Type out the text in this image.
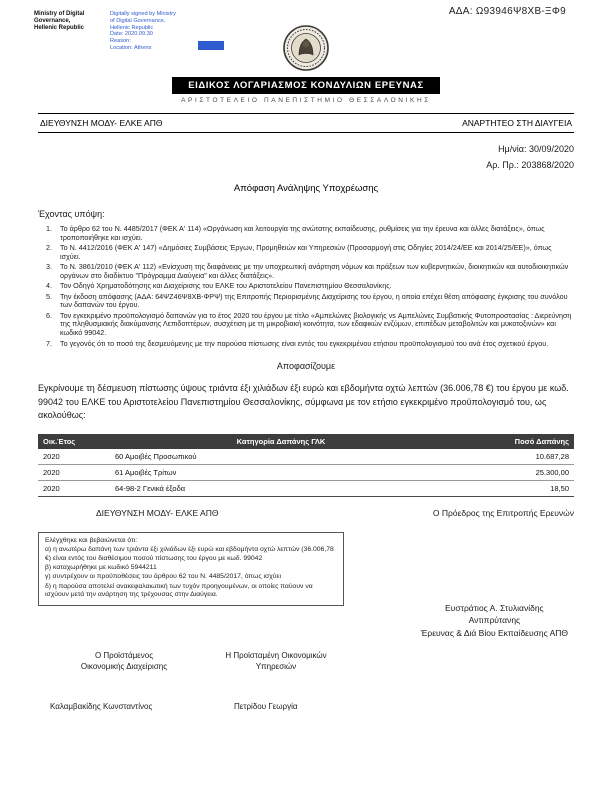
ΑΔΑ: Ω93946Ψ8ΧΒ-ΞΦ9
Ministry of Digital
Governance,
Hellenic Republic
Digitally signed by Ministry
of Digital Governance,
Hellenic Republic
Date: 2020.09.30
Reason:
Location: Athens
ΕΙΔΙΚΟΣ ΛΟΓΑΡΙΑΣΜΟΣ ΚΟΝΔΥΛΙΩΝ ΕΡΕΥΝΑΣ
ΑΡΙΣΤΟΤΕΛΕΙΟ ΠΑΝΕΠΙΣΤΗΜΙΟ ΘΕΣΣΑΛΟΝΙΚΗΣ
ΔΙΕΥΘΥΝΣΗ ΜΟΔΥ- ΕΛΚΕ ΑΠΘ	ΑΝΑΡΤΗΤΕΟ ΣΤΗ ΔΙΑΥΓΕΙΑ
Ημ/νία: 30/09/2020
Αρ. Πρ.: 203868/2020
Απόφαση Ανάληψης Υποχρέωσης
Έχοντας υπόψη:
1.	Το άρθρο 62 του Ν. 4485/2017 (ΦΕΚ Α' 114) «Οργάνωση και λειτουργία της ανώτατης εκπαίδευσης, ρυθμίσεις για την έρευνα και άλλες διατάξεις», όπως τροποποιήθηκε και ισχύει.
2.	Το Ν. 4412/2016 (ΦΕΚ Α' 147) «Δημόσιες Συμβάσεις Έργων, Προμηθειών και Υπηρεσιών (Προσαρμογή στις Οδηγίες 2014/24/ΕΕ και 2014/25/ΕΕ)», όπως ισχύει.
3.	Το Ν. 3861/2010 (ΦΕΚ Α' 112) «Ενίσχυση της διαφάνειας με την υποχρεωτική ανάρτηση νόμων και πράξεων των κυβερνητικών, διοικητικών και αυτοδιοικητικών οργάνων στο διαδίκτυο "Πρόγραμμα Διαύγεια" και άλλες διατάξεις».
4.	Τον Οδηγό Χρηματοδότησης και Διαχείρισης του ΕΛΚΕ του Αριστοτελείου Πανεπιστημίου Θεσσαλονίκης.
5.	Την έκδοση απόφασης (ΑΔΑ: 64ΨΖ46Ψ8ΧΒ-ΦΡΨ) της Επιτροπής Περιορισμένης Διαχείρισης του έργου, η οποία επέχει θέση απόφασης έγκρισης του συνόλου των δαπανών του έργου.
6.	Τον εγκεκριμένο προϋπολογισμό δαπανών για το έτος 2020 του έργου με τίτλο «Αμπελώνες βιολογικής vs Αμπελώνες Συμβατικής Φυτοπροστασίας : Διερεύνηση της πληθυσμιακής διακύμανσης Λεπιδοπτέρων, συσχέτιση με τη μικροβιακή κοινότητα, των εδαφικών ενζύμων, επιπέδων μεταβολιτών και μυκοτοξινών» και κωδικό 99042.
7.	Το γεγονός ότι το ποσό της δεσμευόμενης με την παρούσα πίστωσης είναι εντός του εγκεκριμένου ετήσιου προϋπολογισμού του ανά έτος σχετικού έργου.
Αποφασίζουμε
Εγκρίνουμε τη δέσμευση πίστωσης ύψους τριάντα έξι χιλιάδων έξι ευρώ και εβδομήντα οχτώ λεπτών (36.006,78 €) του έργου με κωδ. 99042 του ΕΛΚΕ του Αριστοτελείου Πανεπιστημίου Θεσσαλονίκης, σύμφωνα με τον ετήσιο εγκεκριμένο προϋπολογισμό του, ως ακολούθως:
Οικ.Έτος	Κατηγορία Δαπάνης ΓΛΚ	Ποσό Δαπάνης
2020	60 Αμοιβές Προσωπικού	10.687,28
2020	61 Αμοιβές Τρίτων	25.300,00
2020	64-98-2 Γενικά έξοδα	18,50
ΔΙΕΥΘΥΝΣΗ ΜΟΔΥ- ΕΛΚΕ ΑΠΘ	Ο Πρόεδρος της Επιτροπής Ερευνών
Ελέγχθηκε και βεβαιώνεται ότι:
α) η ανωτέρω δαπάνη των τριάντα έξι χιλιάδων έξι ευρώ και εβδομήντα οχτώ λεπτών (36.006,78 €) είναι εντός του διαθέσιμου ποσού πίστωσης του έργου με κωδ. 99042
β) καταχωρήθηκε με κωδικό 5944211
γ) συντρέχουν οι προϋποθέσεις του άρθρου 62 του Ν. 4485/2017, όπως ισχύει
δ) η παρούσα αποτελεί ανακεφαλαιωτική των τυχόν προηγουμένων, οι οποίες παύουν να ισχύουν μετά την ανάρτηση της τρέχουσας στην Διαύγεια.
Ευστράτιος Α. Στυλιανίδης
Αντιπρύτανης
Έρευνας & Διά Βίου Εκπαίδευσης ΑΠΘ
Ο Προϊστάμενος
Οικονομικής Διαχείρισης
Η Προϊσταμένη Οικονομικών
Υπηρεσιών
Καλαμβακίδης Κωνσταντίνος	Πετρίδου Γεωργία
